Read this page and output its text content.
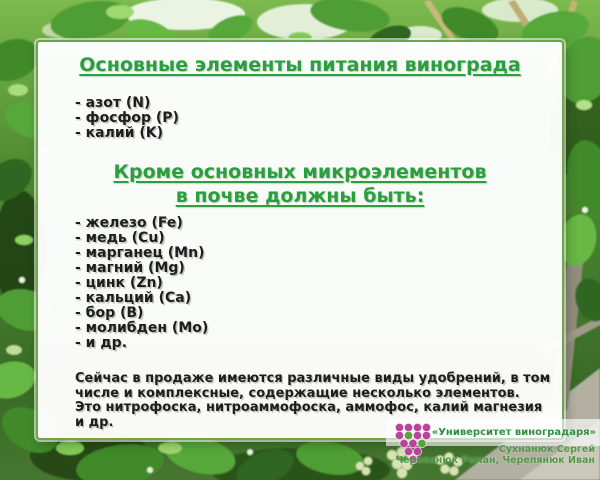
Основные элементы питания винограда
- азот (N)
- фосфор (P)
- калий (K)
Кроме основных микроэлементов
в почве должны быть:
- железо (Fe)
- медь (Cu)
- марганец (Mn)
- магний (Mg)
- цинк (Zn)
- кальций (Ca)
- бор (B)
- молибден (Mo)
- и др.
Сейчас в продаже имеются различные виды удобрений, в том
числе и комплексные, содержащие несколько элементов.
Это нитрофоска, нитроаммофоска, аммофос, калий магнезия и др.
«Университет виноградаря»
Сухнанюк Сергей
Черепанюк Роман, Черепянюк Иван
